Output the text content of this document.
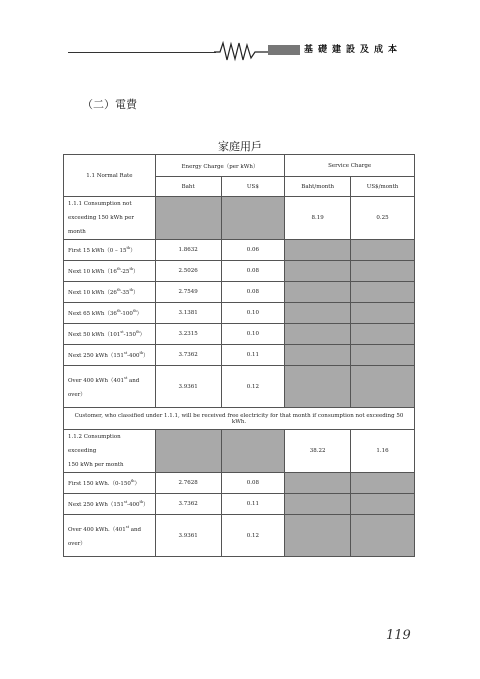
基礎建設及成本
（二）電費
家庭用戶
1.1 Normal Rate	Energy Charge（per kWh）		Service Charge	
	Baht	US$	Baht/month	US$/month
1.1.1 Consumption not
exceeding 150 kWh per month			8.19	0.25
First 15 kWh（0 – 15th）	1.8632	0.06		
Next 10 kWh（16th-25th）	2.5026	0.08		
Next 10 kWh（26th-35th）	2.7549	0.08		
Next 65 kWh（36th-100th）	3.1381	0.10		
Next 50 kWh（101st-150th）	3.2315	0.10		
Next 250 kWh（151st-400th）	3.7362	0.11		
Over 400 kWh（401st and
over）	3.9361	0.12		
Customer, who classified under 1.1.1, will be received free electricity for that month if consumption not exceeding 50 kWh.				
1.1.2 Consumption exceeding
150 kWh per month			38.22	1.16
First 150 kWh.（0-150th）	2.7628	0.08		
Next 250 kWh（151st-400th）	3.7362	0.11		
Over 400 kWh.（401st and
over）	3.9361	0.12		
119
